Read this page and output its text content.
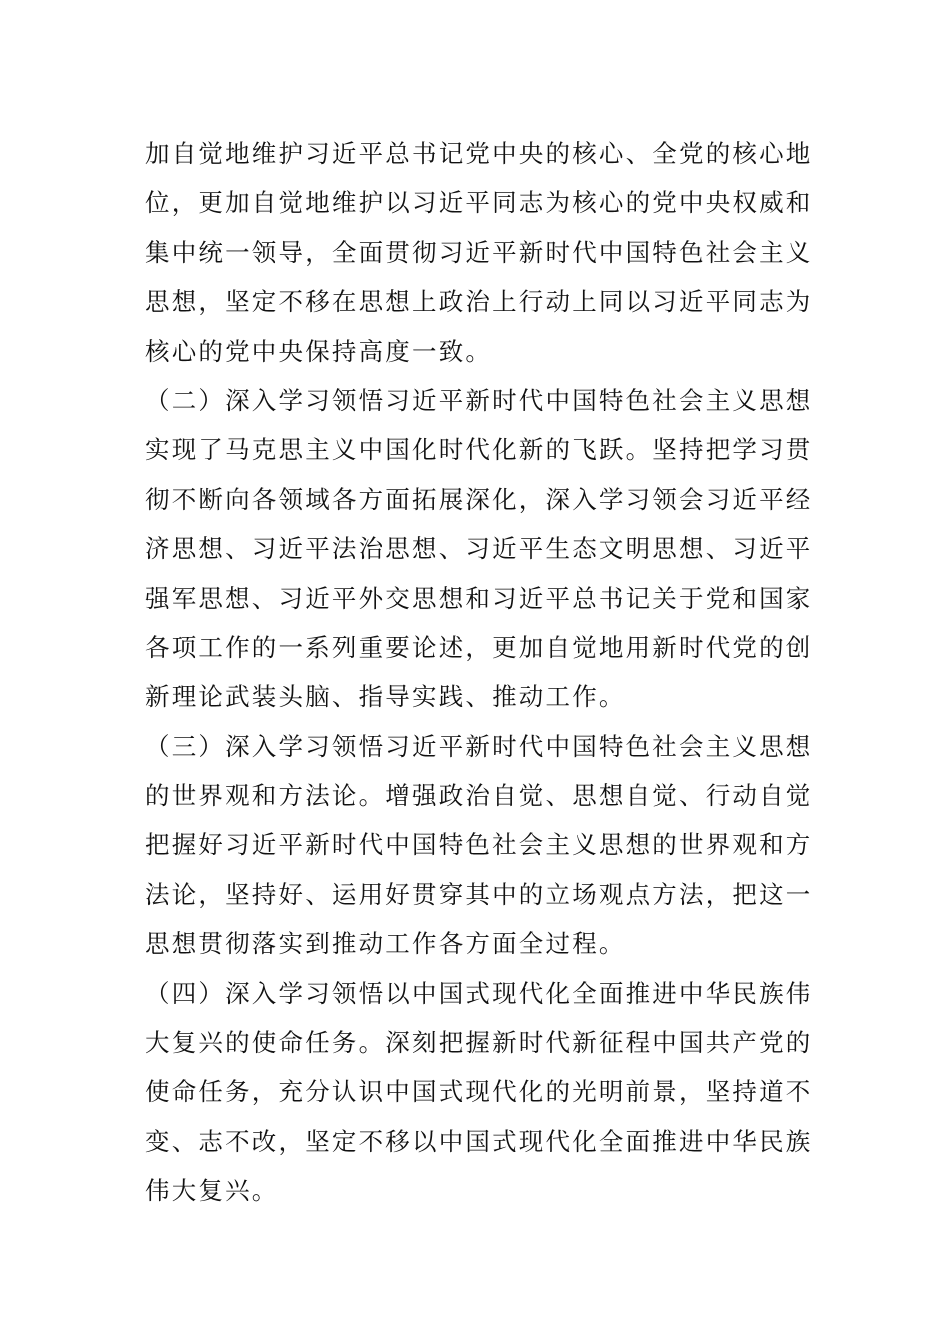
加自觉地维护习近平总书记党中央的核心、全党的核心地
位，更加自觉地维护以习近平同志为核心的党中央权威和
集中统一领导，全面贯彻习近平新时代中国特色社会主义
思想，坚定不移在思想上政治上行动上同以习近平同志为
核心的党中央保持高度一致。
（二）深入学习领悟习近平新时代中国特色社会主义思想
实现了马克思主义中国化时代化新的飞跃。坚持把学习贯
彻不断向各领域各方面拓展深化，深入学习领会习近平经
济思想、习近平法治思想、习近平生态文明思想、习近平
强军思想、习近平外交思想和习近平总书记关于党和国家
各项工作的一系列重要论述，更加自觉地用新时代党的创
新理论武装头脑、指导实践、推动工作。
（三）深入学习领悟习近平新时代中国特色社会主义思想
的世界观和方法论。增强政治自觉、思想自觉、行动自觉
把握好习近平新时代中国特色社会主义思想的世界观和方
法论，坚持好、运用好贯穿其中的立场观点方法，把这一
思想贯彻落实到推动工作各方面全过程。
（四）深入学习领悟以中国式现代化全面推进中华民族伟
大复兴的使命任务。深刻把握新时代新征程中国共产党的
使命任务，充分认识中国式现代化的光明前景，坚持道不
变、志不改，坚定不移以中国式现代化全面推进中华民族
伟大复兴。
